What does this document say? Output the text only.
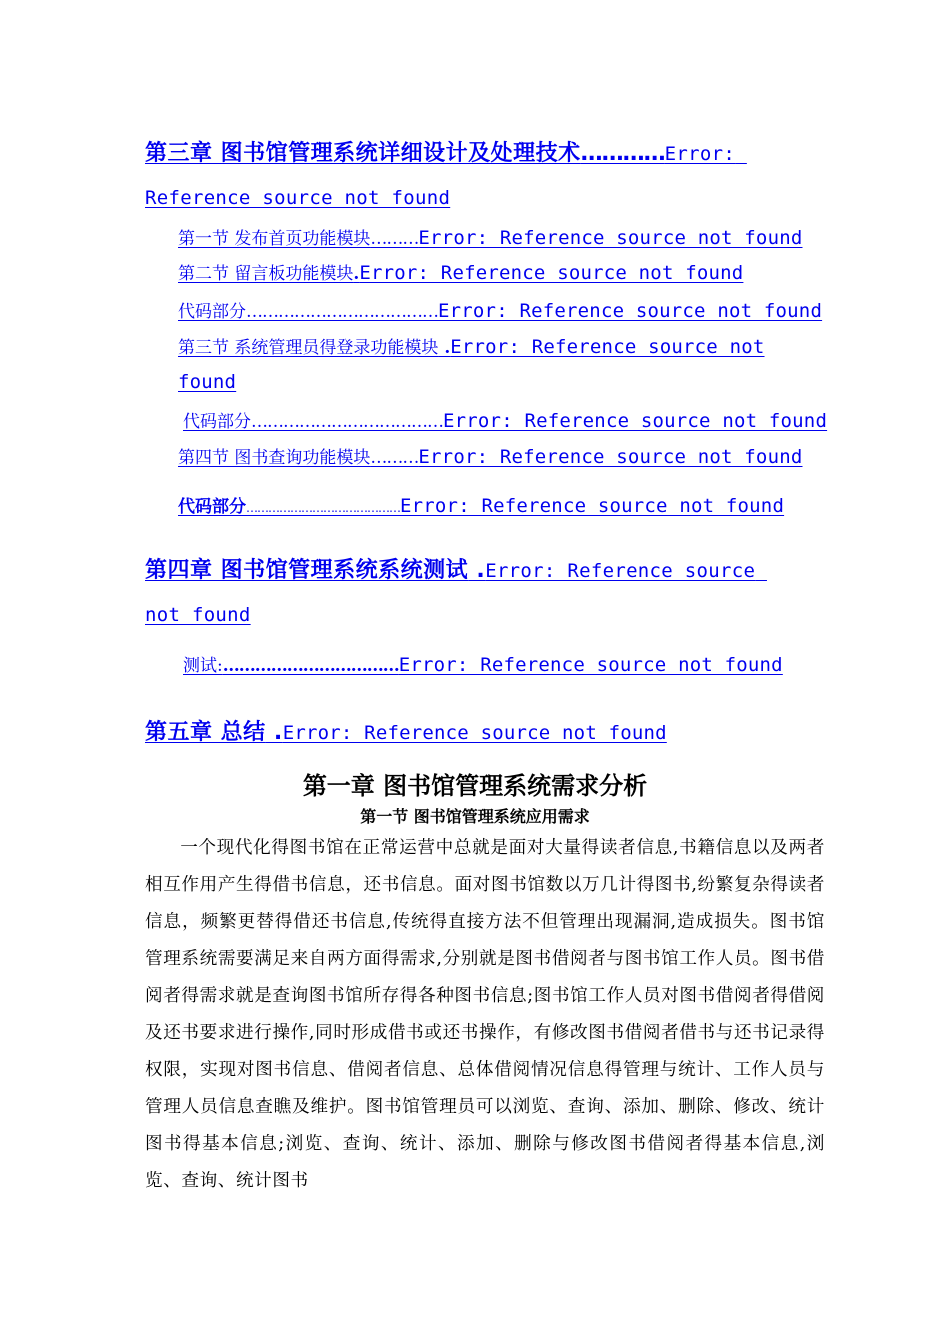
第三章 图书馆管理系统详细设计及处理技术…………Error:
Reference source not found
第一节 发布首页功能模块………Error: Reference source not found
第二节 留言板功能模块.Error: Reference source not found
代码部分………………………………Error: Reference source not found
第三节 系统管理员得登录功能模块 .Error: Reference source not
found
代码部分………………………………Error: Reference source not found
第四节 图书查询功能模块………Error: Reference source not found
代码部分……………………………………Error: Reference source not found
第四章 图书馆管理系统系统测试 .Error: Reference source
not found
测试:……………………………Error: Reference source not found
第五章 总结 .Error: Reference source not found
第一章 图书馆管理系统需求分析
第一节 图书馆管理系统应用需求

一个现代化得图书馆在正常运营中总就是面对大量得读者信息,书籍信息以及两者相互作用产生得借书信息，还书信息。面对图书馆数以万几计得图书,纷繁复杂得读者信息，频繁更替得借还书信息,传统得直接方法不但管理出现漏洞,造成损失。图书馆管理系统需要满足来自两方面得需求,分别就是图书借阅者与图书馆工作人员。图书借阅者得需求就是查询图书馆所存得各种图书信息;图书馆工作人员对图书借阅者得借阅及还书要求进行操作,同时形成借书或还书操作，有修改图书借阅者借书与还书记录得权限，实现对图书信息、借阅者信息、总体借阅情况信息得管理与统计、工作人员与管理人员信息查瞧及维护。图书馆管理员可以浏览、查询、添加、删除、修改、统计图书得基本信息;浏览、查询、统计、添加、删除与修改图书借阅者得基本信息,浏览、查询、统计图书
